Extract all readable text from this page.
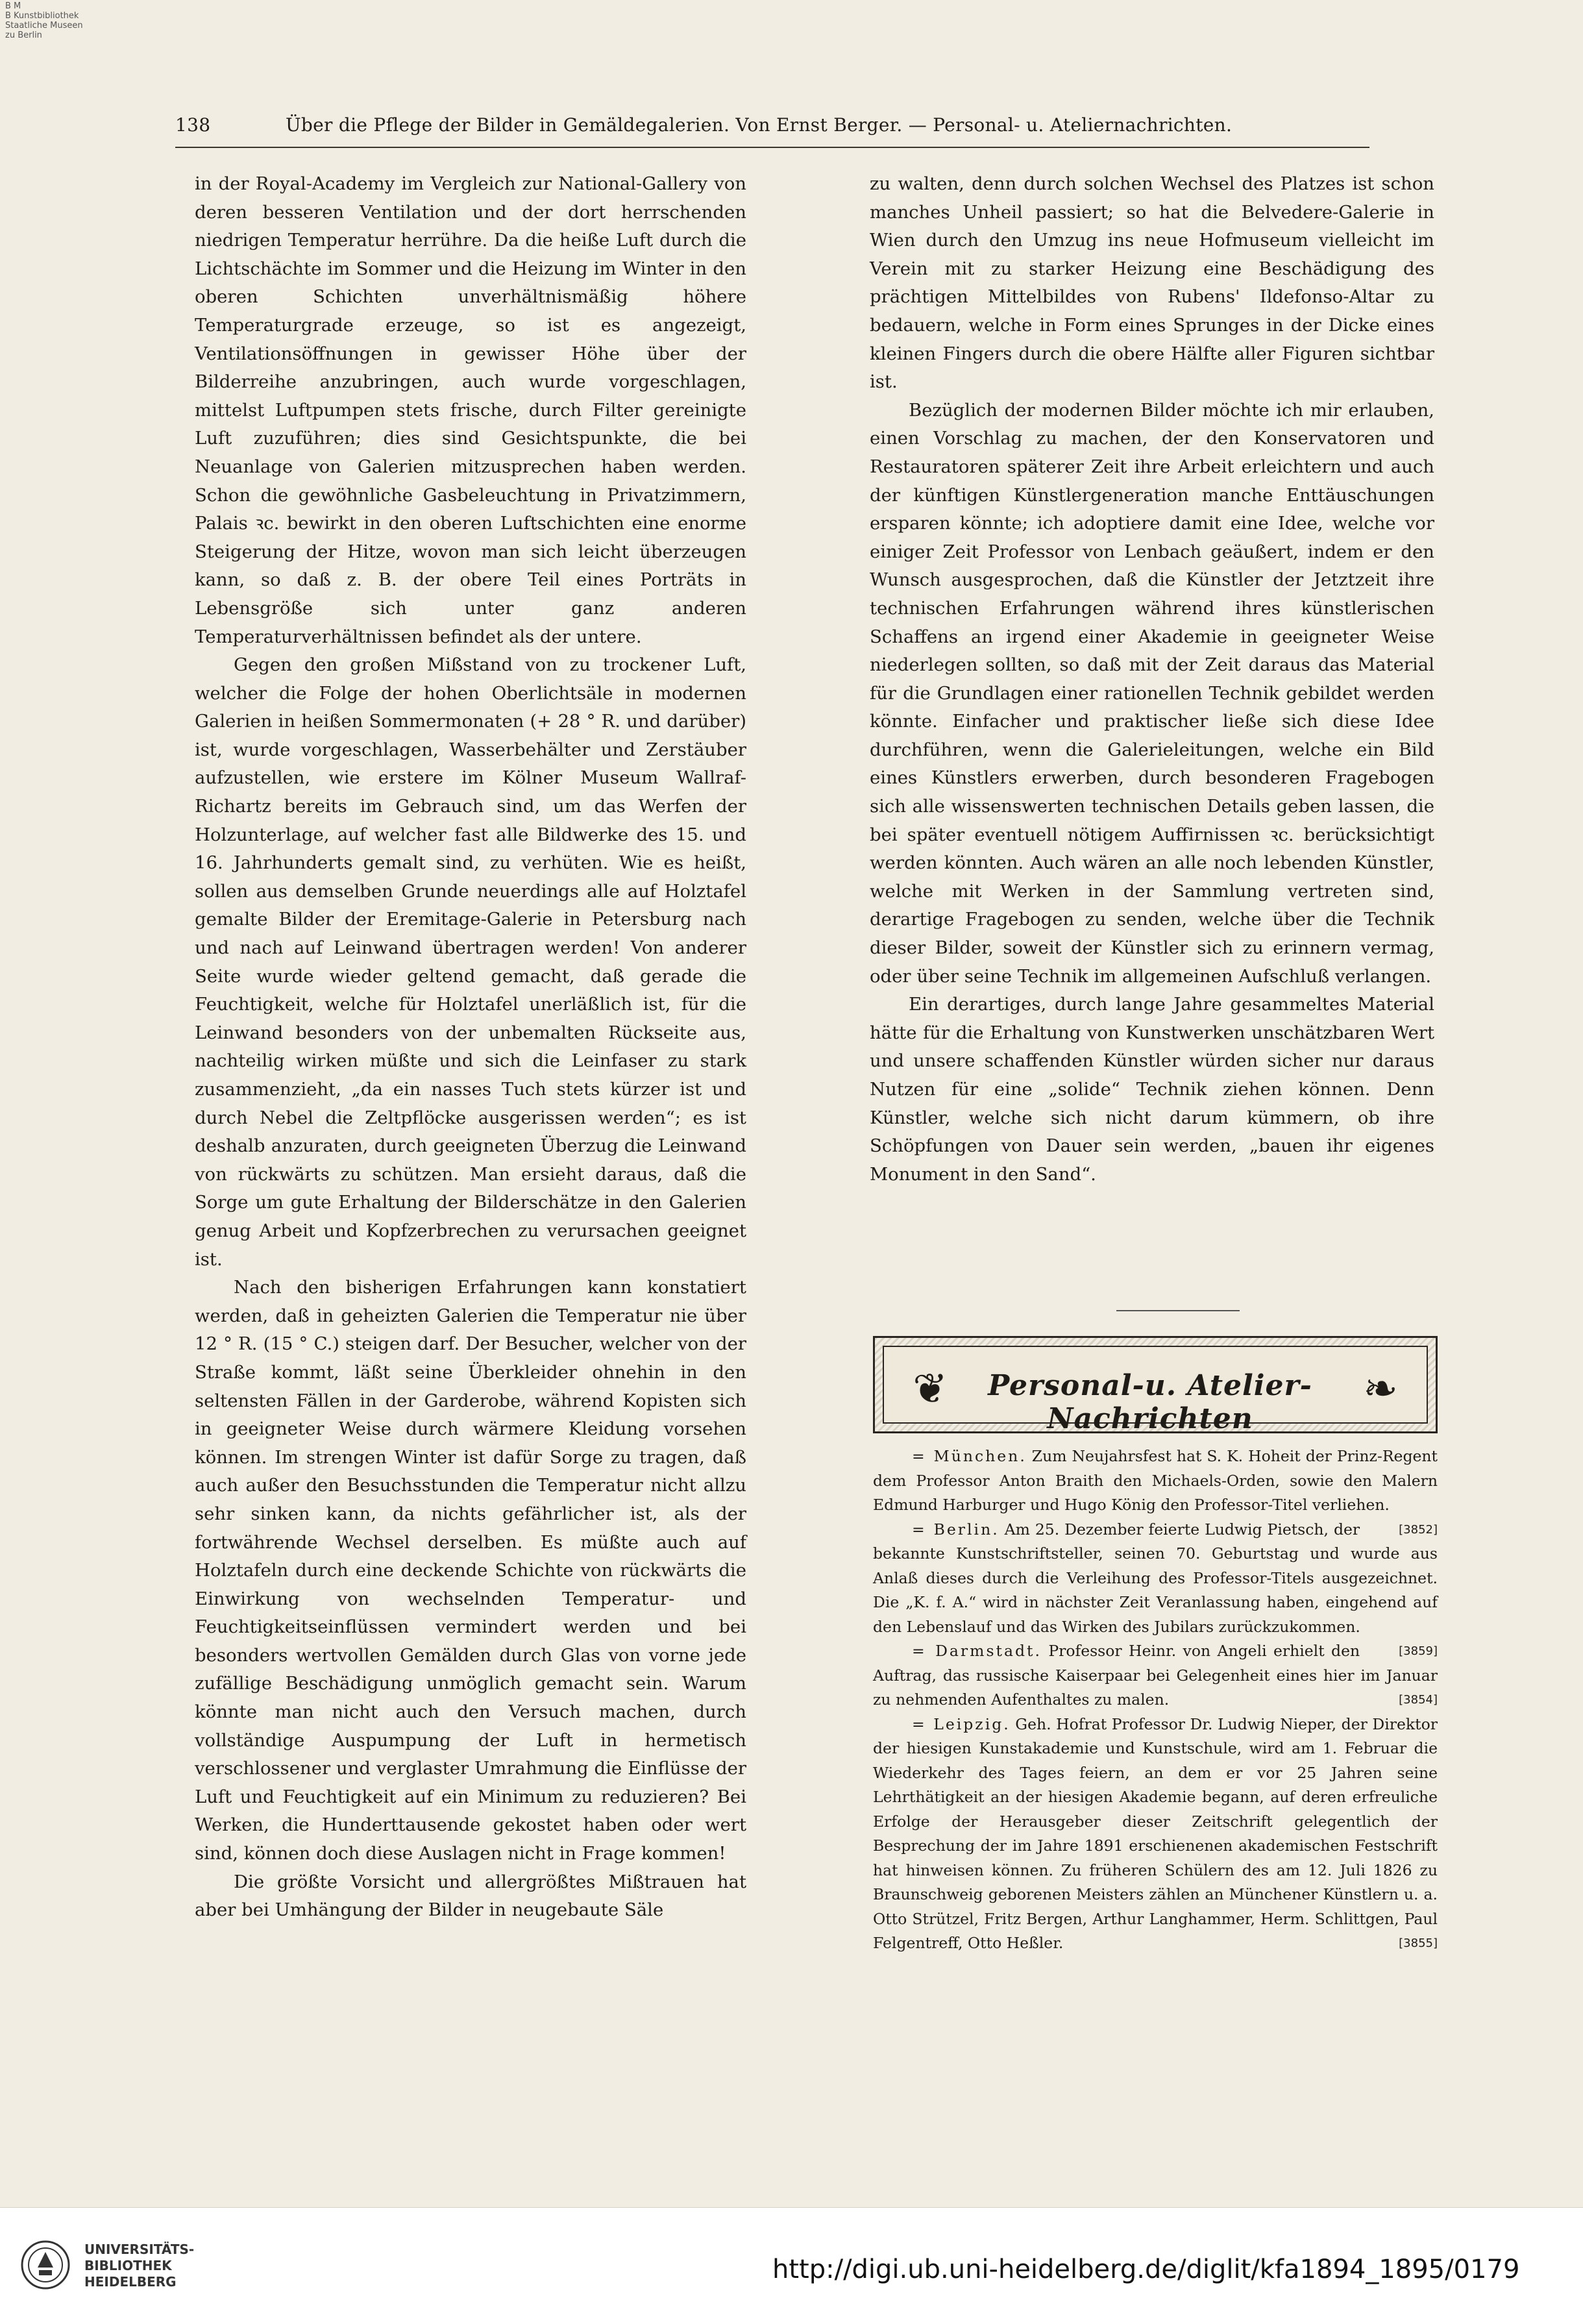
B M
B Kunstbibliothek
Staatliche Museen
zu Berlin
138	Über die Pflege der Bilder in Gemäldegalerien. Von Ernst Berger. — Personal- u. Ateliernachrichten.

in der Royal-Academy im Vergleich zur National-Gallery von deren besseren Ventilation und der dort herrschenden niedrigen Temperatur herrühre. Da die heiße Luft durch die Lichtschächte im Sommer und die Heizung im Winter in den oberen Schichten unverhältnismäßig höhere Temperaturgrade erzeuge, so ist es angezeigt, Ventilationsöffnungen in gewisser Höhe über der Bilderreihe anzubringen, auch wurde vorgeschlagen, mittelst Luftpumpen stets frische, durch Filter gereinigte Luft zuzuführen; dies sind Gesichtspunkte, die bei Neuanlage von Galerien mitzusprechen haben werden. Schon die gewöhnliche Gasbeleuchtung in Privatzimmern, Palais ꝛc. bewirkt in den oberen Luftschichten eine enorme Steigerung der Hitze, wovon man sich leicht überzeugen kann, so daß z. B. der obere Teil eines Porträts in Lebensgröße sich unter ganz anderen Temperaturverhältnissen befindet als der untere.

Gegen den großen Mißstand von zu trockener Luft, welcher die Folge der hohen Oberlichtsäle in modernen Galerien in heißen Sommermonaten (+ 28 ° R. und darüber) ist, wurde vorgeschlagen, Wasserbehälter und Zerstäuber aufzustellen, wie erstere im Kölner Museum Wallraf-Richartz bereits im Gebrauch sind, um das Werfen der Holzunterlage, auf welcher fast alle Bildwerke des 15. und 16. Jahrhunderts gemalt sind, zu verhüten. Wie es heißt, sollen aus demselben Grunde neuerdings alle auf Holztafel gemalte Bilder der Eremitage-Galerie in Petersburg nach und nach auf Leinwand übertragen werden! Von anderer Seite wurde wieder geltend gemacht, daß gerade die Feuchtigkeit, welche für Holztafel unerläßlich ist, für die Leinwand besonders von der unbemalten Rückseite aus, nachteilig wirken müßte und sich die Leinfaser zu stark zusammenzieht, „da ein nasses Tuch stets kürzer ist und durch Nebel die Zeltpflöcke ausgerissen werden“; es ist deshalb anzuraten, durch geeigneten Überzug die Leinwand von rückwärts zu schützen. Man ersieht daraus, daß die Sorge um gute Erhaltung der Bilderschätze in den Galerien genug Arbeit und Kopfzerbrechen zu verursachen geeignet ist.

Nach den bisherigen Erfahrungen kann konstatiert werden, daß in geheizten Galerien die Temperatur nie über 12 ° R. (15 ° C.) steigen darf. Der Besucher, welcher von der Straße kommt, läßt seine Überkleider ohnehin in den seltensten Fällen in der Garderobe, während Kopisten sich in geeigneter Weise durch wärmere Kleidung vorsehen können. Im strengen Winter ist dafür Sorge zu tragen, daß auch außer den Besuchsstunden die Temperatur nicht allzu sehr sinken kann, da nichts gefährlicher ist, als der fortwährende Wechsel derselben. Es müßte auch auf Holztafeln durch eine deckende Schichte von rückwärts die Einwirkung von wechselnden Temperatur- und Feuchtigkeitseinflüssen vermindert werden und bei besonders wertvollen Gemälden durch Glas von vorne jede zufällige Beschädigung unmöglich gemacht sein. Warum könnte man nicht auch den Versuch machen, durch vollständige Auspumpung der Luft in hermetisch verschlossener und verglaster Umrahmung die Einflüsse der Luft und Feuchtigkeit auf ein Minimum zu reduzieren? Bei Werken, die Hunderttausende gekostet haben oder wert sind, können doch diese Auslagen nicht in Frage kommen!

Die größte Vorsicht und allergrößtes Mißtrauen hat aber bei Umhängung der Bilder in neugebaute Säle

zu walten, denn durch solchen Wechsel des Platzes ist schon manches Unheil passiert; so hat die Belvedere-Galerie in Wien durch den Umzug ins neue Hofmuseum vielleicht im Verein mit zu starker Heizung eine Beschädigung des prächtigen Mittelbildes von Rubens' Ildefonso-Altar zu bedauern, welche in Form eines Sprunges in der Dicke eines kleinen Fingers durch die obere Hälfte aller Figuren sichtbar ist.

Bezüglich der modernen Bilder möchte ich mir erlauben, einen Vorschlag zu machen, der den Konservatoren und Restauratoren späterer Zeit ihre Arbeit erleichtern und auch der künftigen Künstlergeneration manche Enttäuschungen ersparen könnte; ich adoptiere damit eine Idee, welche vor einiger Zeit Professor von Lenbach geäußert, indem er den Wunsch ausgesprochen, daß die Künstler der Jetztzeit ihre technischen Erfahrungen während ihres künstlerischen Schaffens an irgend einer Akademie in geeigneter Weise niederlegen sollten, so daß mit der Zeit daraus das Material für die Grundlagen einer rationellen Technik gebildet werden könnte. Einfacher und praktischer ließe sich diese Idee durchführen, wenn die Galerieleitungen, welche ein Bild eines Künstlers erwerben, durch besonderen Fragebogen sich alle wissenswerten technischen Details geben lassen, die bei später eventuell nötigem Auffirnissen ꝛc. berücksichtigt werden könnten. Auch wären an alle noch lebenden Künstler, welche mit Werken in der Sammlung vertreten sind, derartige Fragebogen zu senden, welche über die Technik dieser Bilder, soweit der Künstler sich zu erinnern vermag, oder über seine Technik im allgemeinen Aufschluß verlangen.

Ein derartiges, durch lange Jahre gesammeltes Material hätte für die Erhaltung von Kunstwerken unschätzbaren Wert und unsere schaffenden Künstler würden sicher nur daraus Nutzen für eine „solide“ Technik ziehen können. Denn Künstler, welche sich nicht darum kümmern, ob ihre Schöpfungen von Dauer sein werden, „bauen ihr eigenes Monument in den Sand“.

❦	Personal-u. Atelier-Nachrichten
❧

= München. Zum Neujahrsfest hat S. K. Hoheit der Prinz-Regent dem Professor Anton Braith den Michaels-Orden, sowie den Malern Edmund Harburger und Hugo König den Professor-Titel verliehen.
[3852]

= Berlin. Am 25. Dezember feierte Ludwig Pietsch, der bekannte Kunstschriftsteller, seinen 70. Geburtstag und wurde aus Anlaß dieses durch die Verleihung des Professor-Titels ausgezeichnet. Die „K. f. A.“ wird in nächster Zeit Veranlassung haben, eingehend auf den Lebenslauf und das Wirken des Jubilars zurückzukommen.
[3859]

= Darmstadt. Professor Heinr. von Angeli erhielt den Auftrag, das russische Kaiserpaar bei Gelegenheit eines hier im Januar zu nehmenden Aufenthaltes zu malen.	[3854]

= Leipzig. Geh. Hofrat Professor Dr. Ludwig Nieper, der Direktor der hiesigen Kunstakademie und Kunstschule, wird am 1. Februar die Wiederkehr des Tages feiern, an dem er vor 25 Jahren seine Lehrthätigkeit an der hiesigen Akademie begann, auf deren erfreuliche Erfolge der Herausgeber dieser Zeitschrift gelegentlich der Besprechung der im Jahre 1891 erschienenen akademischen Festschrift hat hinweisen können. Zu früheren Schülern des am 12. Juli 1826 zu Braunschweig geborenen Meisters zählen an Münchener Künstlern u. a. Otto Strützel, Fritz Bergen, Arthur Langhammer, Herm. Schlittgen, Paul Felgentreff, Otto Heßler.	[3855]

UNIVERSITÄTS-
BIBLIOTHEK
HEIDELBERG	http://digi.ub.uni-heidelberg.de/diglit/kfa1894_1895/0179
